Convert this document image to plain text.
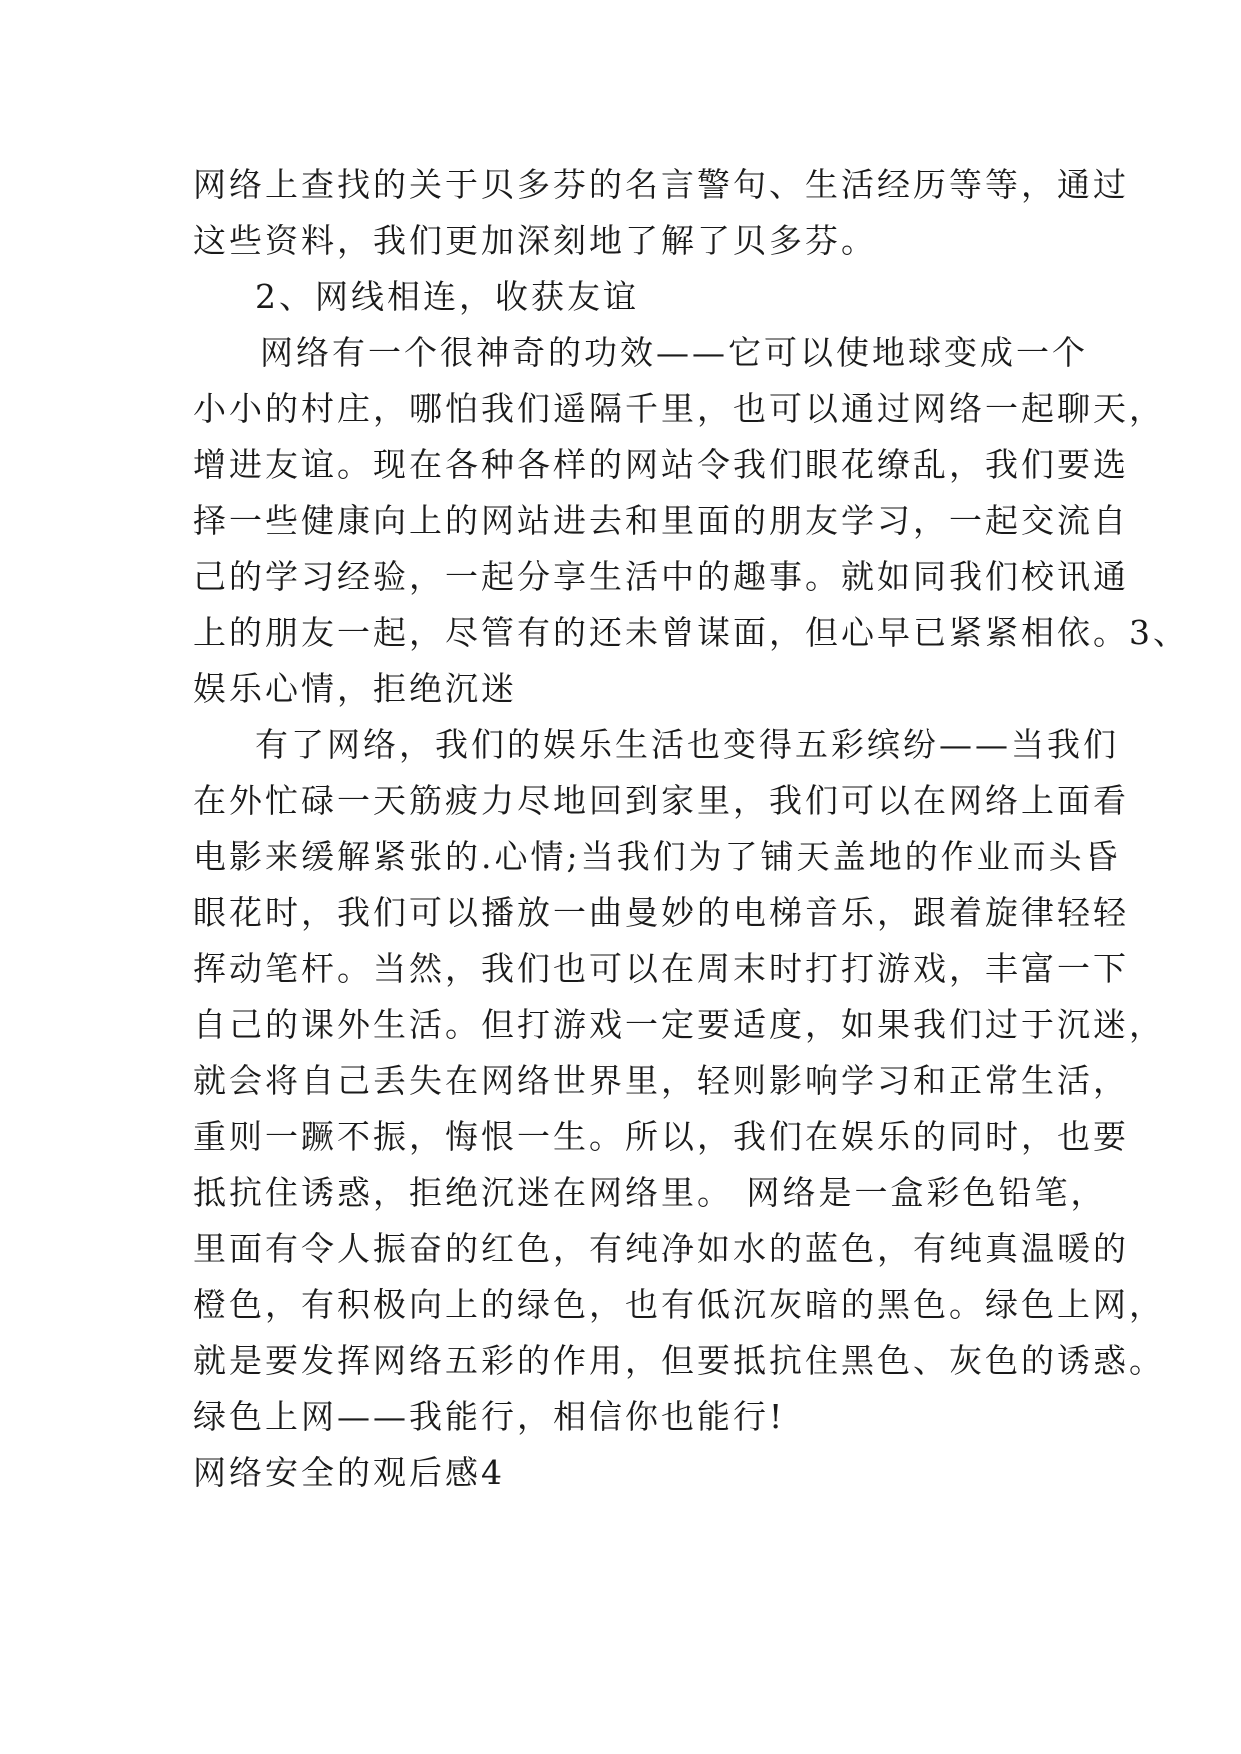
网络上查找的关于贝多芬的名言警句、生活经历等等，通过
这些资料，我们更加深刻地了解了贝多芬。
2、网线相连，收获友谊
网络有一个很神奇的功效——它可以使地球变成一个
小小的村庄，哪怕我们遥隔千里，也可以通过网络一起聊天，
增进友谊。现在各种各样的网站令我们眼花缭乱，我们要选
择一些健康向上的网站进去和里面的朋友学习，一起交流自
己的学习经验，一起分享生活中的趣事。就如同我们校讯通
上的朋友一起，尽管有的还未曾谋面，但心早已紧紧相依。3、
娱乐心情，拒绝沉迷
有了网络，我们的娱乐生活也变得五彩缤纷——当我们
在外忙碌一天筋疲力尽地回到家里，我们可以在网络上面看
电影来缓解紧张的.心情;当我们为了铺天盖地的作业而头昏
眼花时，我们可以播放一曲曼妙的电梯音乐，跟着旋律轻轻
挥动笔杆。当然，我们也可以在周末时打打游戏，丰富一下
自己的课外生活。但打游戏一定要适度，如果我们过于沉迷，
就会将自己丢失在网络世界里，轻则影响学习和正常生活，
重则一蹶不振，悔恨一生。所以，我们在娱乐的同时，也要
抵抗住诱惑，拒绝沉迷在网络里。 网络是一盒彩色铅笔，
里面有令人振奋的红色，有纯净如水的蓝色，有纯真温暖的
橙色，有积极向上的绿色，也有低沉灰暗的黑色。绿色上网，
就是要发挥网络五彩的作用，但要抵抗住黑色、灰色的诱惑。
绿色上网——我能行，相信你也能行!
网络安全的观后感4
